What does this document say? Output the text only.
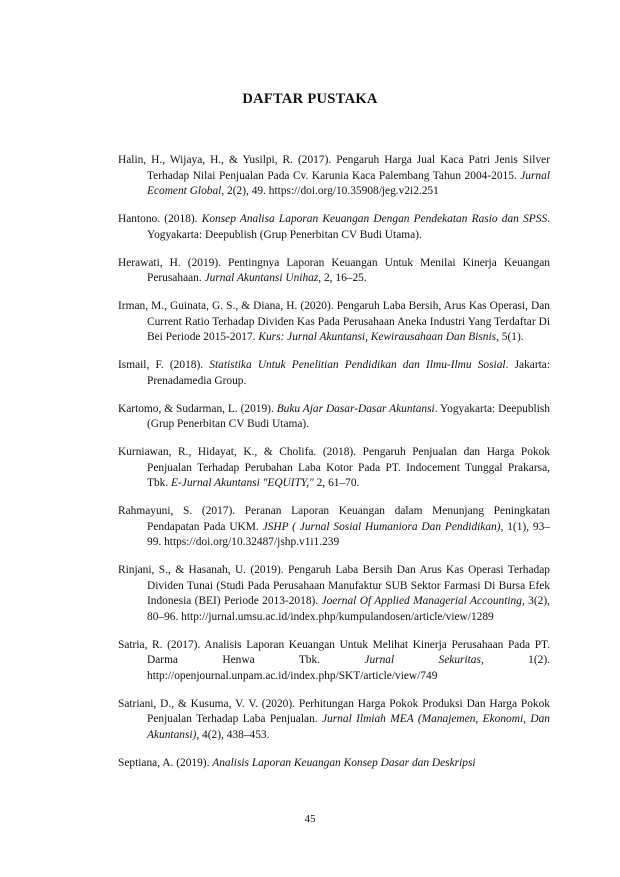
DAFTAR PUSTAKA

Halin, H., Wijaya, H., & Yusilpi, R. (2017). Pengaruh Harga Jual Kaca Patri Jenis Silver Terhadap Nilai Penjualan Pada Cv. Karunia Kaca Palembang Tahun 2004-2015. Jurnal Ecoment Global, 2(2), 49. https://doi.org/10.35908/jeg.v2i2.251

Hantono. (2018). Konsep Analisa Laporan Keuangan Dengan Pendekatan Rasio dan SPSS. Yogyakarta: Deepublish (Grup Penerbitan CV Budi Utama).

Herawati, H. (2019). Pentingnya Laporan Keuangan Untuk Menilai Kinerja Keuangan Perusahaan. Jurnal Akuntansi Unihaz, 2, 16–25.

Irman, M., Guinata, G. S., & Diana, H. (2020). Pengaruh Laba Bersih, Arus Kas Operasi, Dan Current Ratio Terhadap Dividen Kas Pada Perusahaan Aneka Industri Yang Terdaftar Di Bei Periode 2015-2017. Kurs: Jurnal Akuntansi, Kewirausahaan Dan Bisnis, 5(1).

Ismail, F. (2018). Statistika Untuk Penelitian Pendidikan dan Ilmu-Ilmu Sosial. Jakarta: Prenadamedia Group.

Kartomo, & Sudarman, L. (2019). Buku Ajar Dasar-Dasar Akuntansi. Yogyakarta: Deepublish (Grup Penerbitan CV Budi Utama).

Kurniawan, R., Hidayat, K., & Cholifa. (2018). Pengaruh Penjualan dan Harga Pokok Penjualan Terhadap Perubahan Laba Kotor Pada PT. Indocement Tunggal Prakarsa, Tbk. E-Jurnal Akuntansi "EQUITY," 2, 61–70.

Rahmayuni, S. (2017). Peranan Laporan Keuangan dalam Menunjang Peningkatan Pendapatan Pada UKM. JSHP ( Jurnal Sosial Humaniora Dan Pendidikan), 1(1), 93–99. https://doi.org/10.32487/jshp.v1i1.239

Rinjani, S., & Hasanah, U. (2019). Pengaruh Laba Bersih Dan Arus Kas Operasi Terhadap Dividen Tunai (Studi Pada Perusahaan Manufaktur SUB Sektor Farmasi Di Bursa Efek Indonesia (BEI) Periode 2013-2018). Joernal Of Applied Managerial Accounting, 3(2), 80–96. http://jurnal.umsu.ac.id/index.php/kumpulandosen/article/view/1289

Satria, R. (2017). Analisis Laporan Keuangan Untuk Melihat Kinerja Perusahaan Pada PT. Darma Henwa Tbk. Jurnal Sekuritas, 1(2). http://openjournal.unpam.ac.id/index.php/SKT/article/view/749

Satriani, D., & Kusuma, V. V. (2020). Perhitungan Harga Pokok Produksi Dan Harga Pokok Penjualan Terhadap Laba Penjualan. Jurnal Ilmiah MEA (Manajemen, Ekonomi, Dan Akuntansi), 4(2), 438–453.

Septiana, A. (2019). Analisis Laporan Keuangan Konsep Dasar dan Deskripsi

45
